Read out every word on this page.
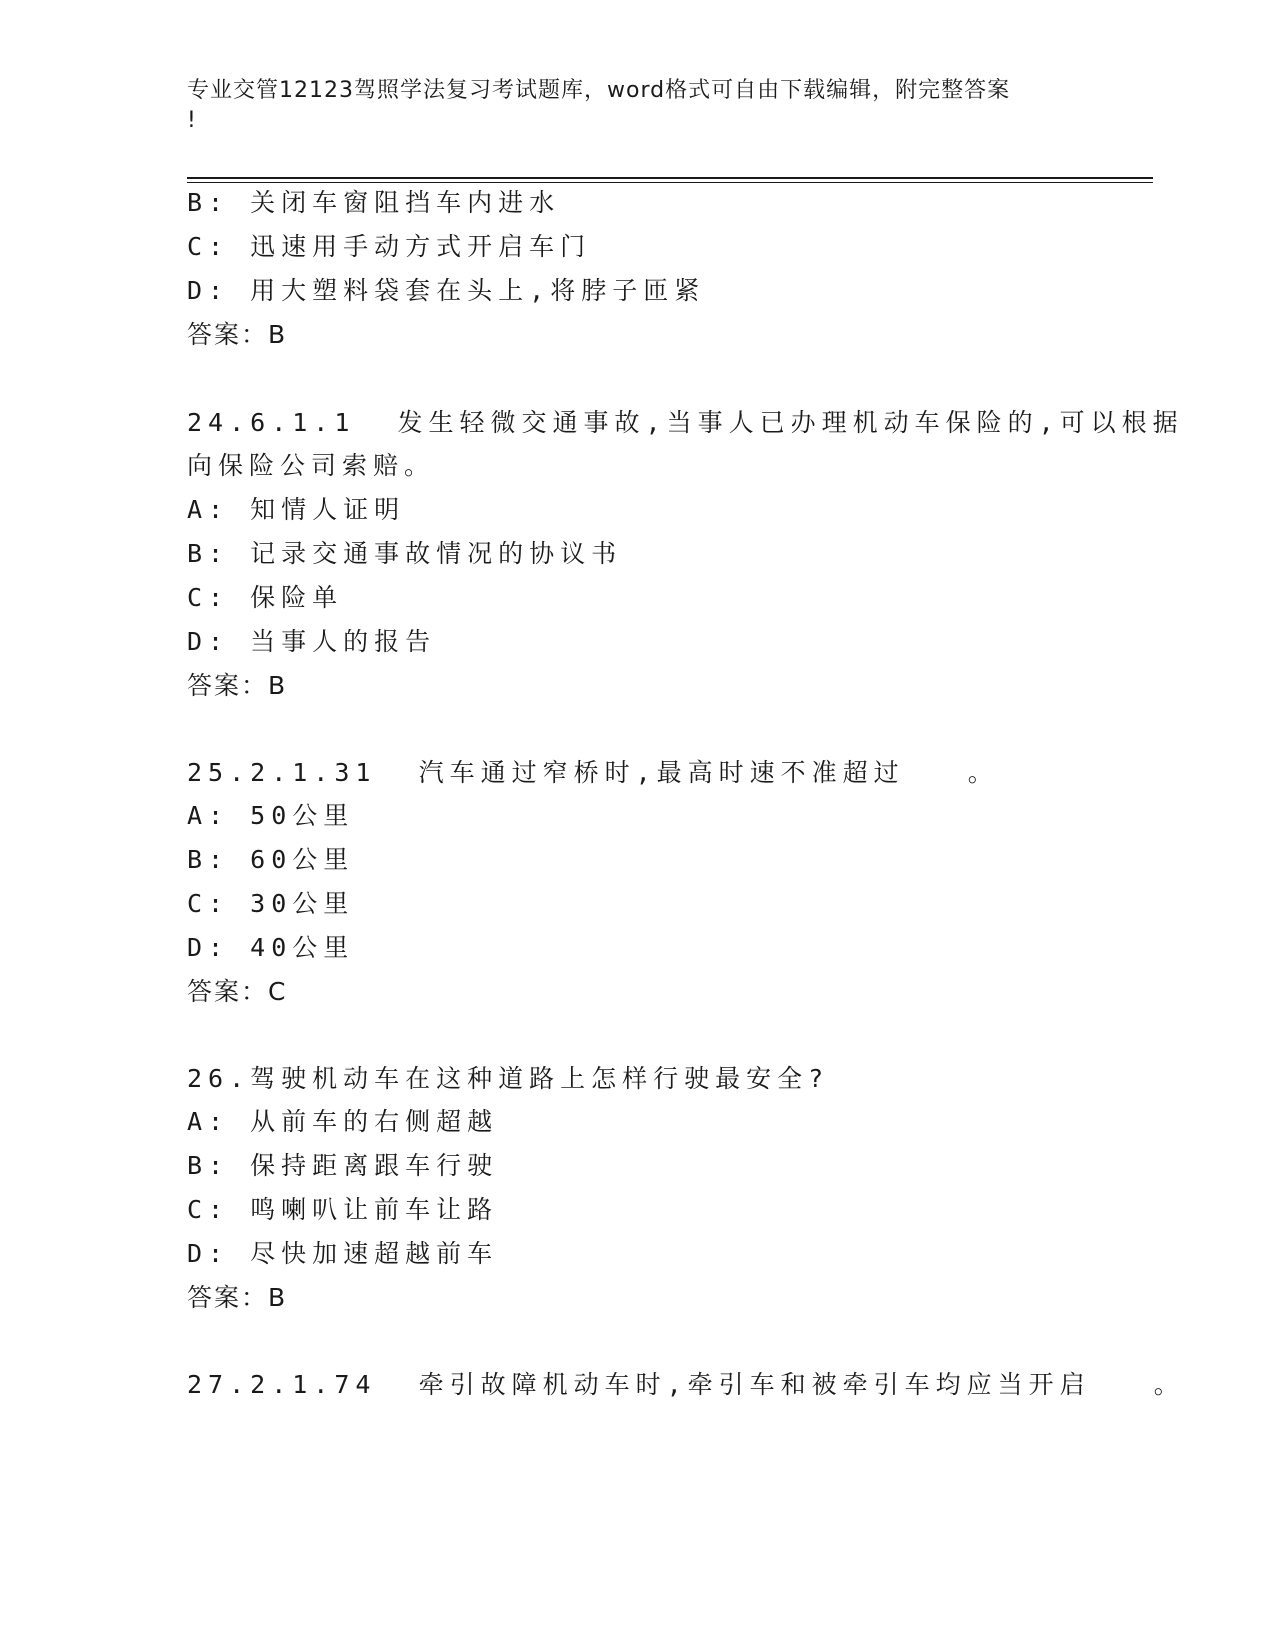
专业交管12123驾照学法复习考试题库，word格式可自由下载编辑，附完整答案
!
B: 关闭车窗阻挡车内进水
C: 迅速用手动方式开启车门
D: 用大塑料袋套在头上,将脖子匝紧
答案：B
24.6.1.1  发生轻微交通事故,当事人已办理机动车保险的,可以根据
向保险公司索赔。
A: 知情人证明
B: 记录交通事故情况的协议书
C: 保险单
D: 当事人的报告
答案：B
25.2.1.31  汽车通过窄桥时,最高时速不准超过   。
A: 50公里
B: 60公里
C: 30公里
D: 40公里
答案：C
26.驾驶机动车在这种道路上怎样行驶最安全?
A: 从前车的右侧超越
B: 保持距离跟车行驶
C: 鸣喇叭让前车让路
D: 尽快加速超越前车
答案：B
27.2.1.74  牵引故障机动车时,牵引车和被牵引车均应当开启   。
